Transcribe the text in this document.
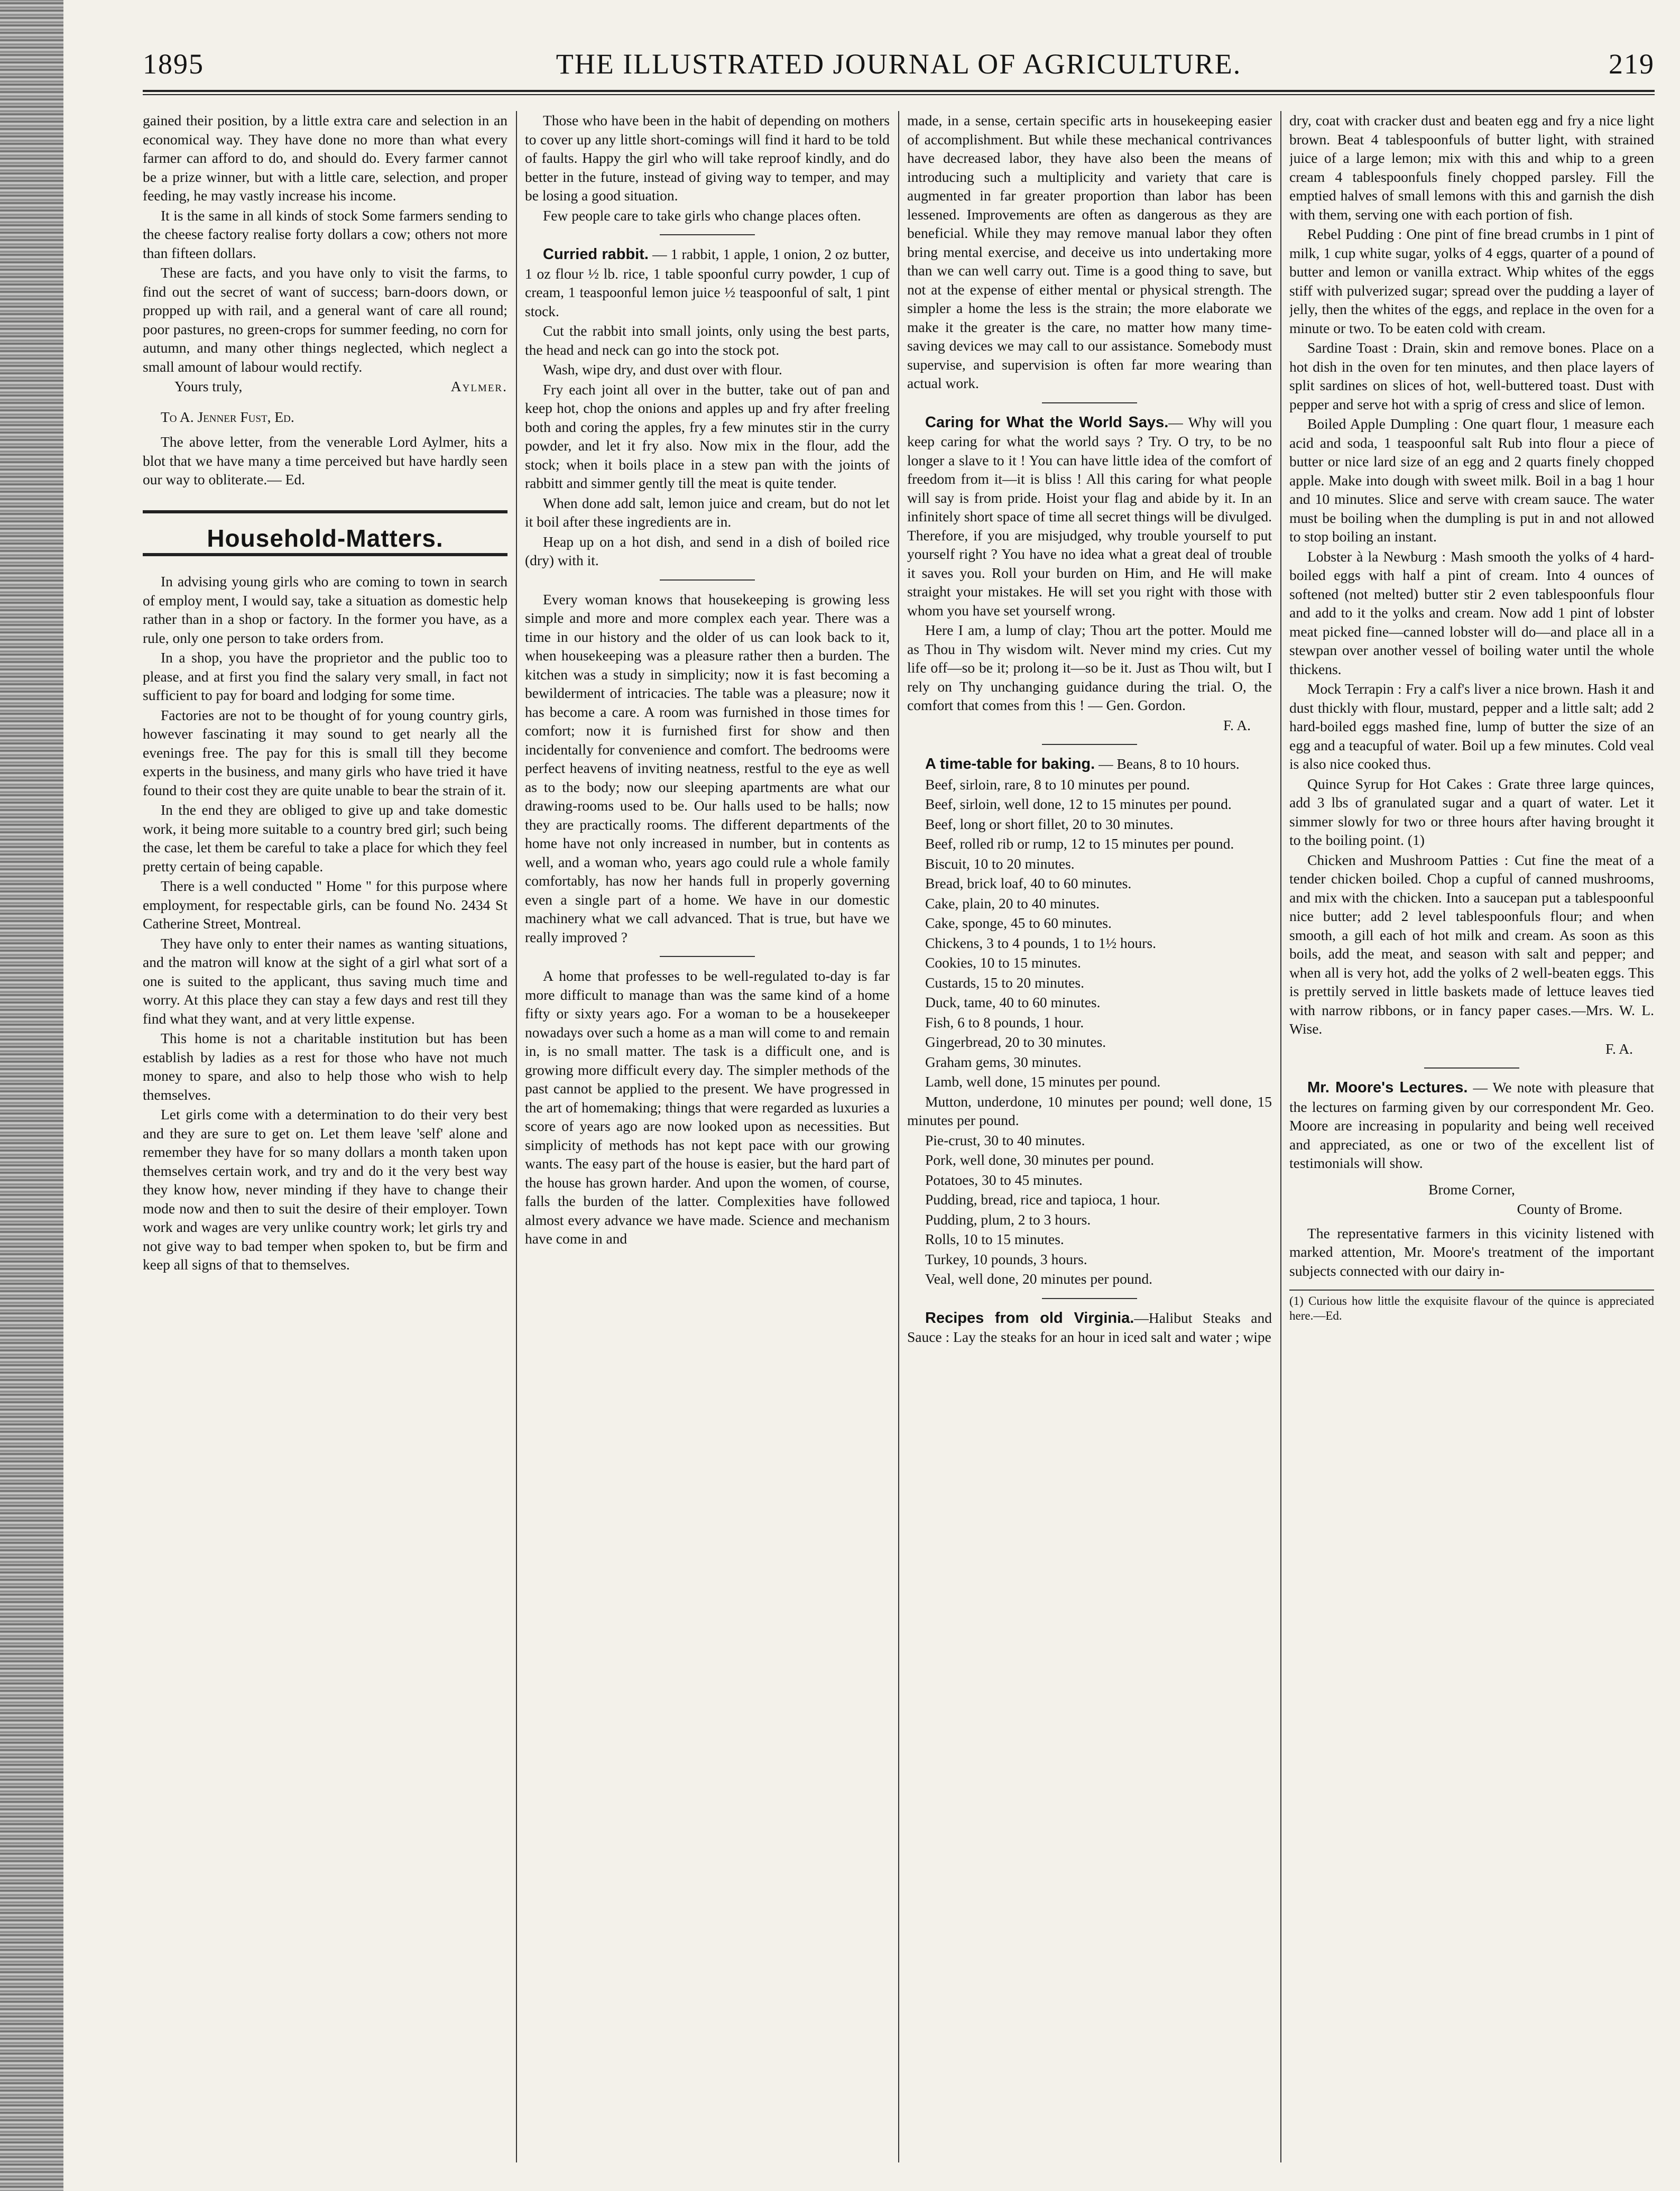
1895	THE ILLUSTRATED JOURNAL OF AGRICULTURE.	219

gained their position, by a little extra care and selection in an economical way. They have done no more than what every farmer can afford to do, and should do. Every farmer cannot be a prize winner, but with a little care, selection, and proper feeding, he may vastly increase his income.

It is the same in all kinds of stock Some farmers sending to the cheese factory realise forty dollars a cow; others not more than fifteen dollars.

These are facts, and you have only to visit the farms, to find out the secret of want of success; barn-doors down, or propped up with rail, and a general want of care all round; poor pastures, no green-crops for summer feeding, no corn for autumn, and many other things neglected, which neglect a small amount of labour would rectify.

Yours truly,	Aylmer.

To A. Jenner Fust, Ed.

The above letter, from the venerable Lord Aylmer, hits a blot that we have many a time perceived but have hardly seen our way to obliterate.— Ed.

Household-Matters.

In advising young girls who are coming to town in search of employ ment, I would say, take a situation as domestic help rather than in a shop or factory. In the former you have, as a rule, only one person to take orders from.

In a shop, you have the proprietor and the public too to please, and at first you find the salary very small, in fact not sufficient to pay for board and lodging for some time.

Factories are not to be thought of for young country girls, however fascinating it may sound to get nearly all the evenings free. The pay for this is small till they become experts in the business, and many girls who have tried it have found to their cost they are quite unable to bear the strain of it.

In the end they are obliged to give up and take domestic work, it being more suitable to a country bred girl; such being the case, let them be careful to take a place for which they feel pretty certain of being capable.

There is a well conducted " Home " for this purpose where employment, for respectable girls, can be found No. 2434 St Catherine Street, Montreal.

They have only to enter their names as wanting situations, and the matron will know at the sight of a girl what sort of a one is suited to the applicant, thus saving much time and worry. At this place they can stay a few days and rest till they find what they want, and at very little expense.

This home is not a charitable institution but has been establish by ladies as a rest for those who have not much money to spare, and also to help those who wish to help themselves.

Let girls come with a determination to do their very best and they are sure to get on. Let them leave 'self' alone and remember they have for so many dollars a month taken upon themselves certain work, and try and do it the very best way they know how, never minding if they have to change their mode now and then to suit the desire of their employer. Town work and wages are very unlike country work; let girls try and not give way to bad temper when spoken to, but be firm and keep all signs of that to themselves.

Those who have been in the habit of depending on mothers to cover up any little short-comings will find it hard to be told of faults. Happy the girl who will take reproof kindly, and do better in the future, instead of giving way to temper, and may be losing a good situation.

Few people care to take girls who change places often.

Curried rabbit. — 1 rabbit, 1 apple, 1 onion, 2 oz butter, 1 oz flour ½ lb. rice, 1 table spoonful curry powder, 1 cup of cream, 1 teaspoonful lemon juice ½ teaspoonful of salt, 1 pint stock.

Cut the rabbit into small joints, only using the best parts, the head and neck can go into the stock pot.

Wash, wipe dry, and dust over with flour.

Fry each joint all over in the butter, take out of pan and keep hot, chop the onions and apples up and fry after freeling both and coring the apples, fry a few minutes stir in the curry powder, and let it fry also. Now mix in the flour, add the stock; when it boils place in a stew pan with the joints of rabbitt and simmer gently till the meat is quite tender.

When done add salt, lemon juice and cream, but do not let it boil after these ingredients are in.

Heap up on a hot dish, and send in a dish of boiled rice (dry) with it.

Every woman knows that housekeeping is growing less simple and more and more complex each year. There was a time in our history and the older of us can look back to it, when housekeeping was a pleasure rather then a burden. The kitchen was a study in simplicity; now it is fast becoming a bewilderment of intricacies. The table was a pleasure; now it has become a care. A room was furnished in those times for comfort; now it is furnished first for show and then incidentally for convenience and comfort. The bedrooms were perfect heavens of inviting neatness, restful to the eye as well as to the body; now our sleeping apartments are what our drawing-rooms used to be. Our halls used to be halls; now they are practically rooms. The different departments of the home have not only increased in number, but in contents as well, and a woman who, years ago could rule a whole family comfortably, has now her hands full in properly governing even a single part of a home. We have in our domestic machinery what we call advanced. That is true, but have we really improved ?

A home that professes to be well-regulated to-day is far more difficult to manage than was the same kind of a home fifty or sixty years ago. For a woman to be a housekeeper nowadays over such a home as a man will come to and remain in, is no small matter. The task is a difficult one, and is growing more difficult every day. The simpler methods of the past cannot be applied to the present. We have progressed in the art of homemaking; things that were regarded as luxuries a score of years ago are now looked upon as necessities. But simplicity of methods has not kept pace with our growing wants. The easy part of the house is easier, but the hard part of the house has grown harder. And upon the women, of course, falls the burden of the latter. Complexities have followed almost every advance we have made. Science and mechanism have come in and

made, in a sense, certain specific arts in housekeeping easier of accomplishment. But while these mechanical contrivances have decreased labor, they have also been the means of introducing such a multiplicity and variety that care is augmented in far greater proportion than labor has been lessened. Improvements are often as dangerous as they are beneficial. While they may remove manual labor they often bring mental exercise, and deceive us into undertaking more than we can well carry out. Time is a good thing to save, but not at the expense of either mental or physical strength. The simpler a home the less is the strain; the more elaborate we make it the greater is the care, no matter how many time-saving devices we may call to our assistance. Somebody must supervise, and supervision is often far more wearing than actual work.

Caring for What the World Says.— Why will you keep caring for what the world says ? Try. O try, to be no longer a slave to it ! You can have little idea of the comfort of freedom from it—it is bliss ! All this caring for what people will say is from pride. Hoist your flag and abide by it. In an infinitely short space of time all secret things will be divulged. Therefore, if you are misjudged, why trouble yourself to put yourself right ? You have no idea what a great deal of trouble it saves you. Roll your burden on Him, and He will make straight your mistakes. He will set you right with those with whom you have set yourself wrong.

Here I am, a lump of clay; Thou art the potter. Mould me as Thou in Thy wisdom wilt. Never mind my cries. Cut my life off—so be it; prolong it—so be it. Just as Thou wilt, but I rely on Thy unchanging guidance during the trial. O, the comfort that comes from this ! — Gen. Gordon.

F. A.

A time-table for baking. — Beans, 8 to 10 hours.

Beef, sirloin, rare, 8 to 10 minutes per pound.

Beef, sirloin, well done, 12 to 15 minutes per pound.

Beef, long or short fillet, 20 to 30 minutes.

Beef, rolled rib or rump, 12 to 15 minutes per pound.

Biscuit, 10 to 20 minutes.

Bread, brick loaf, 40 to 60 minutes.

Cake, plain, 20 to 40 minutes.

Cake, sponge, 45 to 60 minutes.

Chickens, 3 to 4 pounds, 1 to 1½ hours.

Cookies, 10 to 15 minutes.

Custards, 15 to 20 minutes.

Duck, tame, 40 to 60 minutes.

Fish, 6 to 8 pounds, 1 hour.

Gingerbread, 20 to 30 minutes.

Graham gems, 30 minutes.

Lamb, well done, 15 minutes per pound.

Mutton, underdone, 10 minutes per pound; well done, 15 minutes per pound.

Pie-crust, 30 to 40 minutes.

Pork, well done, 30 minutes per pound.

Potatoes, 30 to 45 minutes.

Pudding, bread, rice and tapioca, 1 hour.

Pudding, plum, 2 to 3 hours.

Rolls, 10 to 15 minutes.

Turkey, 10 pounds, 3 hours.

Veal, well done, 20 minutes per pound.

Recipes from old Virginia.—Halibut Steaks and Sauce : Lay the steaks for an hour in iced salt and water ; wipe

dry, coat with cracker dust and beaten egg and fry a nice light brown. Beat 4 tablespoonfuls of butter light, with strained juice of a large lemon; mix with this and whip to a green cream 4 tablespoonfuls finely chopped parsley. Fill the emptied halves of small lemons with this and garnish the dish with them, serving one with each portion of fish.

Rebel Pudding : One pint of fine bread crumbs in 1 pint of milk, 1 cup white sugar, yolks of 4 eggs, quarter of a pound of butter and lemon or vanilla extract. Whip whites of the eggs stiff with pulverized sugar; spread over the pudding a layer of jelly, then the whites of the eggs, and replace in the oven for a minute or two. To be eaten cold with cream.

Sardine Toast : Drain, skin and remove bones. Place on a hot dish in the oven for ten minutes, and then place layers of split sardines on slices of hot, well-buttered toast. Dust with pepper and serve hot with a sprig of cress and slice of lemon.

Boiled Apple Dumpling : One quart flour, 1 measure each acid and soda, 1 teaspoonful salt Rub into flour a piece of butter or nice lard size of an egg and 2 quarts finely chopped apple. Make into dough with sweet milk. Boil in a bag 1 hour and 10 minutes. Slice and serve with cream sauce. The water must be boiling when the dumpling is put in and not allowed to stop boiling an instant.

Lobster à la Newburg : Mash smooth the yolks of 4 hard-boiled eggs with half a pint of cream. Into 4 ounces of softened (not melted) butter stir 2 even tablespoonfuls flour and add to it the yolks and cream. Now add 1 pint of lobster meat picked fine—canned lobster will do—and place all in a stewpan over another vessel of boiling water until the whole thickens.

Mock Terrapin : Fry a calf's liver a nice brown. Hash it and dust thickly with flour, mustard, pepper and a little salt; add 2 hard-boiled eggs mashed fine, lump of butter the size of an egg and a teacupful of water. Boil up a few minutes. Cold veal is also nice cooked thus.

Quince Syrup for Hot Cakes : Grate three large quinces, add 3 lbs of granulated sugar and a quart of water. Let it simmer slowly for two or three hours after having brought it to the boiling point. (1)

Chicken and Mushroom Patties : Cut fine the meat of a tender chicken boiled. Chop a cupful of canned mushrooms, and mix with the chicken. Into a saucepan put a tablespoonful nice butter; add 2 level tablespoonfuls flour; and when smooth, a gill each of hot milk and cream. As soon as this boils, add the meat, and season with salt and pepper; and when all is very hot, add the yolks of 2 well-beaten eggs. This is prettily served in little baskets made of lettuce leaves tied with narrow ribbons, or in fancy paper cases.—Mrs. W. L. Wise.

F. A.

Mr. Moore's Lectures. — We note with pleasure that the lectures on farming given by our correspondent Mr. Geo. Moore are increasing in popularity and being well received and appreciated, as one or two of the excellent list of testimonials will show.

Brome Corner,

County of Brome.

The representative farmers in this vicinity listened with marked attention, Mr. Moore's treatment of the important subjects connected with our dairy in-

(1) Curious how little the exquisite flavour of the quince is appreciated here.—Ed.
